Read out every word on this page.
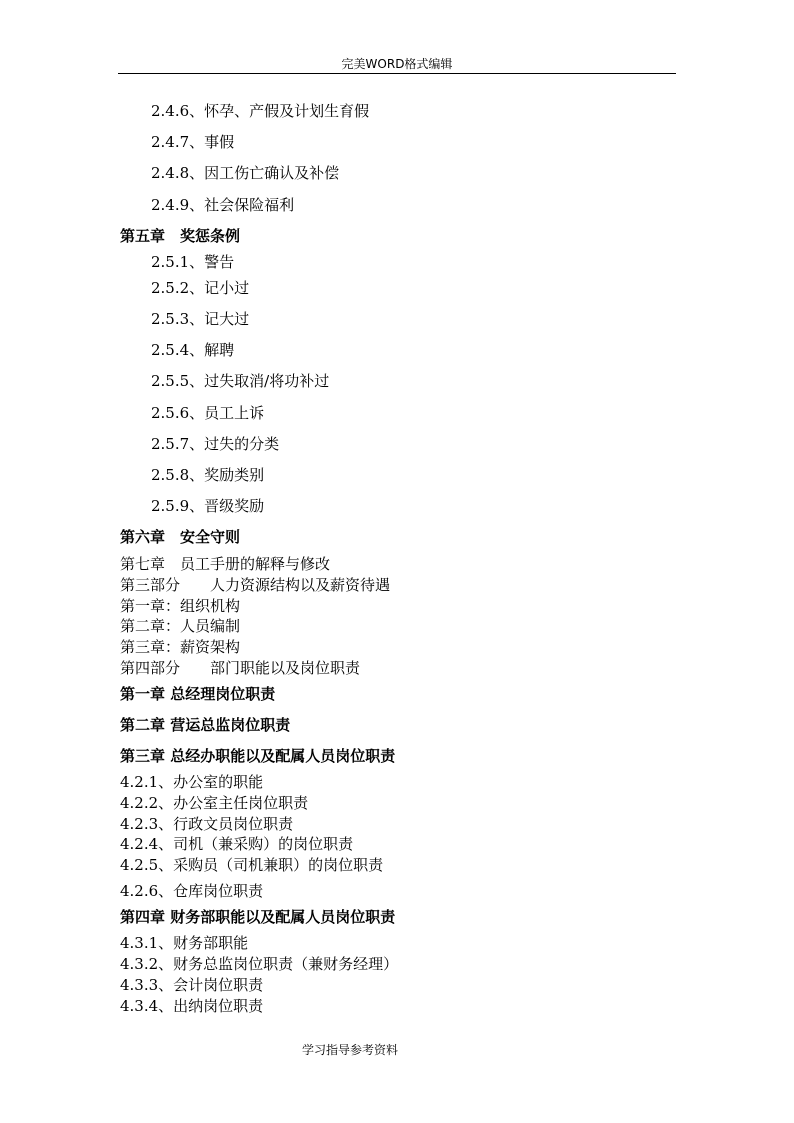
完美WORD格式编辑
2.4.6、怀孕、产假及计划生育假
2.4.7、事假
2.4.8、因工伤亡确认及补偿
2.4.9、社会保险福利
第五章　奖惩条例
2.5.1、警告
2.5.2、记小过
2.5.3、记大过
2.5.4、解聘
2.5.5、过失取消/将功补过
2.5.6、员工上诉
2.5.7、过失的分类
2.5.8、奖励类别
2.5.9、晋级奖励
第六章　安全守则
第七章　员工手册的解释与修改
第三部分　　人力资源结构以及薪资待遇
第一章：组织机构
第二章：人员编制
第三章：薪资架构
第四部分　　部门职能以及岗位职责
第一章 总经理岗位职责
第二章 营运总监岗位职责
第三章 总经办职能以及配属人员岗位职责
4.2.1、办公室的职能
4.2.2、办公室主任岗位职责
4.2.3、行政文员岗位职责
4.2.4、司机（兼采购）的岗位职责
4.2.5、采购员（司机兼职）的岗位职责
4.2.6、仓库岗位职责
第四章 财务部职能以及配属人员岗位职责
4.3.1、财务部职能
4.3.2、财务总监岗位职责（兼财务经理）
4.3.3、会计岗位职责
4.3.4、出纳岗位职责
学习指导参考资料
